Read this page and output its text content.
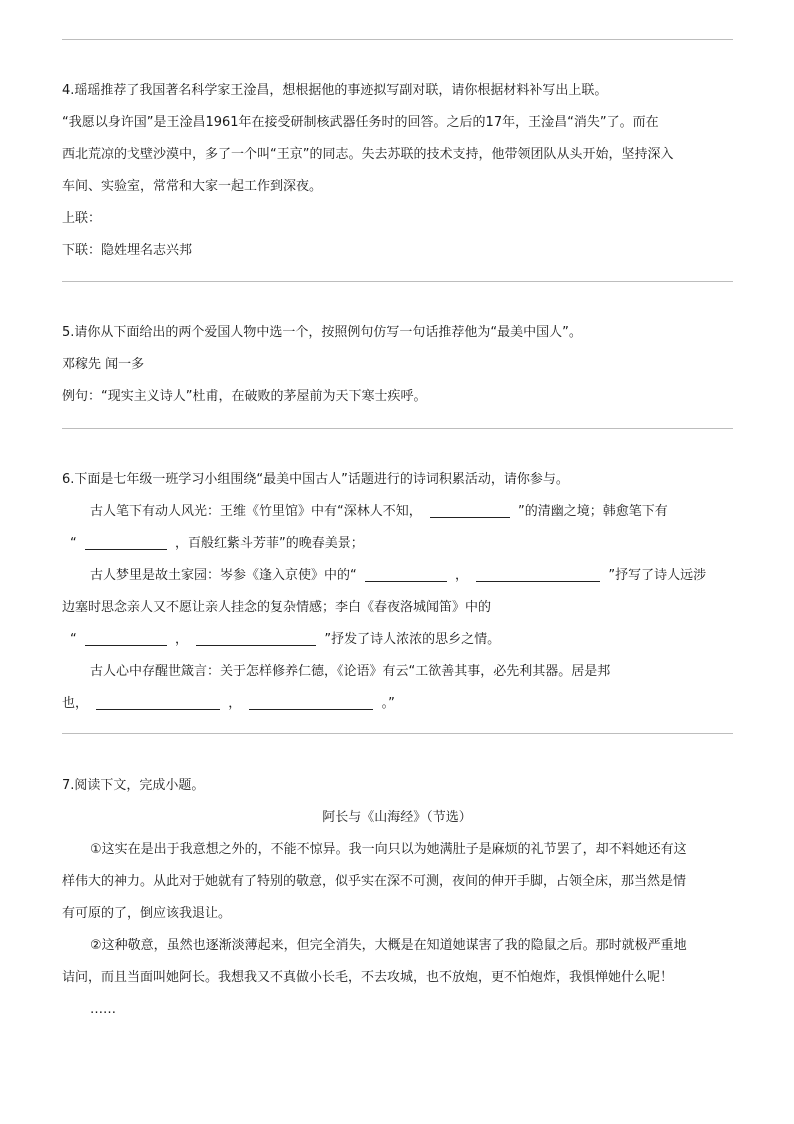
4.瑶瑶推荐了我国著名科学家王淦昌，想根据他的事迹拟写副对联，请你根据材料补写出上联。
“我愿以身许国”是王淦昌1961年在接受研制核武器任务时的回答。之后的17年，王淦昌“消失”了。而在
西北荒凉的戈壁沙漠中，多了一个叫“王京”的同志。失去苏联的技术支持，他带领团队从头开始，坚持深入
车间、实验室，常常和大家一起工作到深夜。
上联：
下联：隐姓埋名志兴邦
5.请你从下面给出的两个爱国人物中选一个，按照例句仿写一句话推荐他为“最美中国人”。
邓稼先 闻一多
例句：“现实主义诗人”杜甫，在破败的茅屋前为天下寒士疾呼。
6.下面是七年级一班学习小组围绕“最美中国古人”话题进行的诗词积累活动，请你参与。
古人笔下有动人风光：王维《竹里馆》中有“深林人不知，	”的清幽之境；韩愈笔下有
“	，百般红紫斗芳菲”的晚春美景；
古人梦里是故土家园：岑参《逢入京使》中的“	，	”抒写了诗人远涉
边塞时思念亲人又不愿让亲人挂念的复杂情感；李白《春夜洛城闻笛》中的
“	，	”抒发了诗人浓浓的思乡之情。
古人心中存醒世箴言：关于怎样修养仁德，《论语》有云“工欲善其事，必先利其器。居是邦
也，	，	。”
7.阅读下文，完成小题。
阿长与《山海经》（节选）
①这实在是出于我意想之外的，不能不惊异。我一向只以为她满肚子是麻烦的礼节罢了，却不料她还有这
样伟大的神力。从此对于她就有了特别的敬意，似乎实在深不可测，夜间的伸开手脚，占领全床，那当然是情
有可原的了，倒应该我退让。
②这种敬意，虽然也逐渐淡薄起来，但完全消失，大概是在知道她谋害了我的隐鼠之后。那时就极严重地
诘问，而且当面叫她阿长。我想我又不真做小长毛，不去攻城，也不放炮，更不怕炮炸，我惧惮她什么呢！
……
